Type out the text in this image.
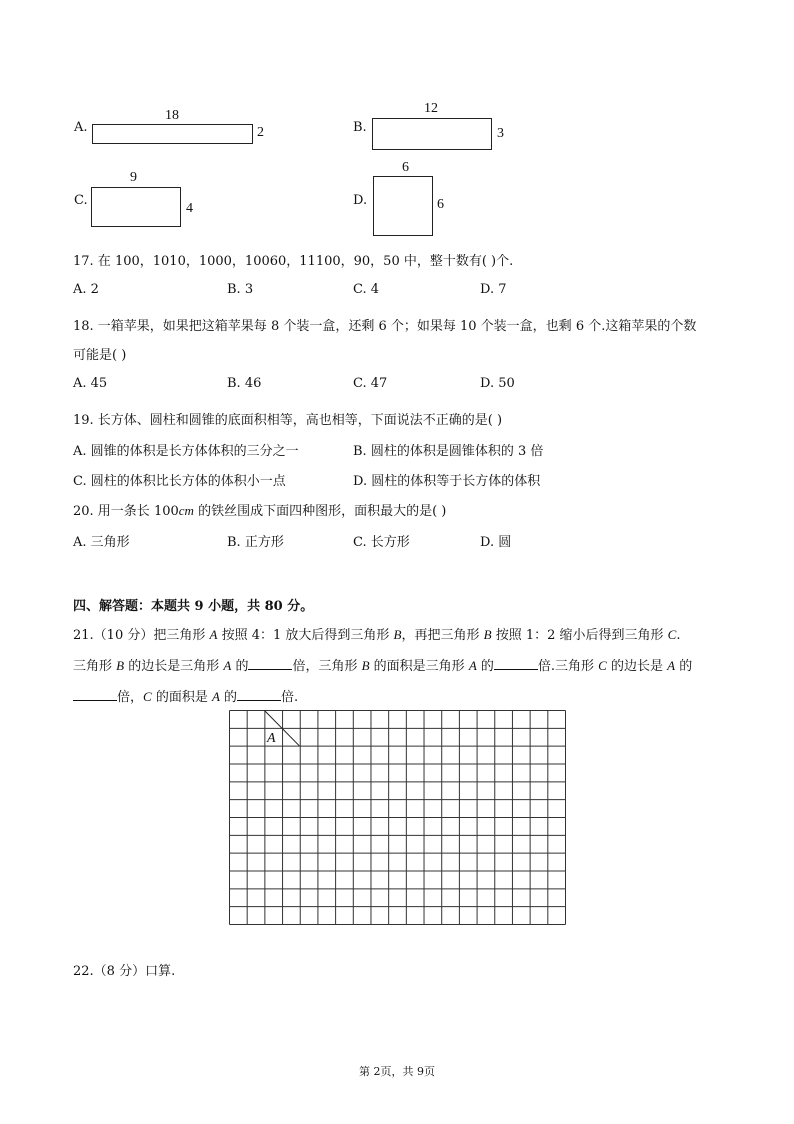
A.
18
2	B.
12
3
C.
9
4
D.
6
6
17. 在 100，1010，1000，10060，11100，90，50 中，整十数有( )个.
A. 2	B. 3	C. 4	D. 7
18. 一箱苹果，如果把这箱苹果每 8 个装一盒，还剩 6 个；如果每 10 个装一盒，也剩 6 个.这箱苹果的个数
可能是( )
A. 45	B. 46	C. 47	D. 50
19. 长方体、圆柱和圆锥的底面积相等，高也相等，下面说法不正确的是( )
A. 圆锥的体积是长方体体积的三分之一	B. 圆柱的体积是圆锥体积的 3 倍
C. 圆柱的体积比长方体的体积小一点	D. 圆柱的体积等于长方体的体积
20. 用一条长 100cm 的铁丝围成下面四种图形，面积最大的是( )
A. 三角形	B. 正方形	C. 长方形	D. 圆
四、解答题：本题共 9 小题，共 80 分。
21.（10 分）把三角形 A 按照 4：1 放大后得到三角形 B，再把三角形 B 按照 1：2 缩小后得到三角形 C.
三角形 B 的边长是三角形 A 的	倍，三角形 B 的面积是三角形 A 的	倍.三角形 C 的边长是 A 的
倍，C 的面积是 A 的	倍.
A
22.（8 分）口算.
第 2页，共 9页
